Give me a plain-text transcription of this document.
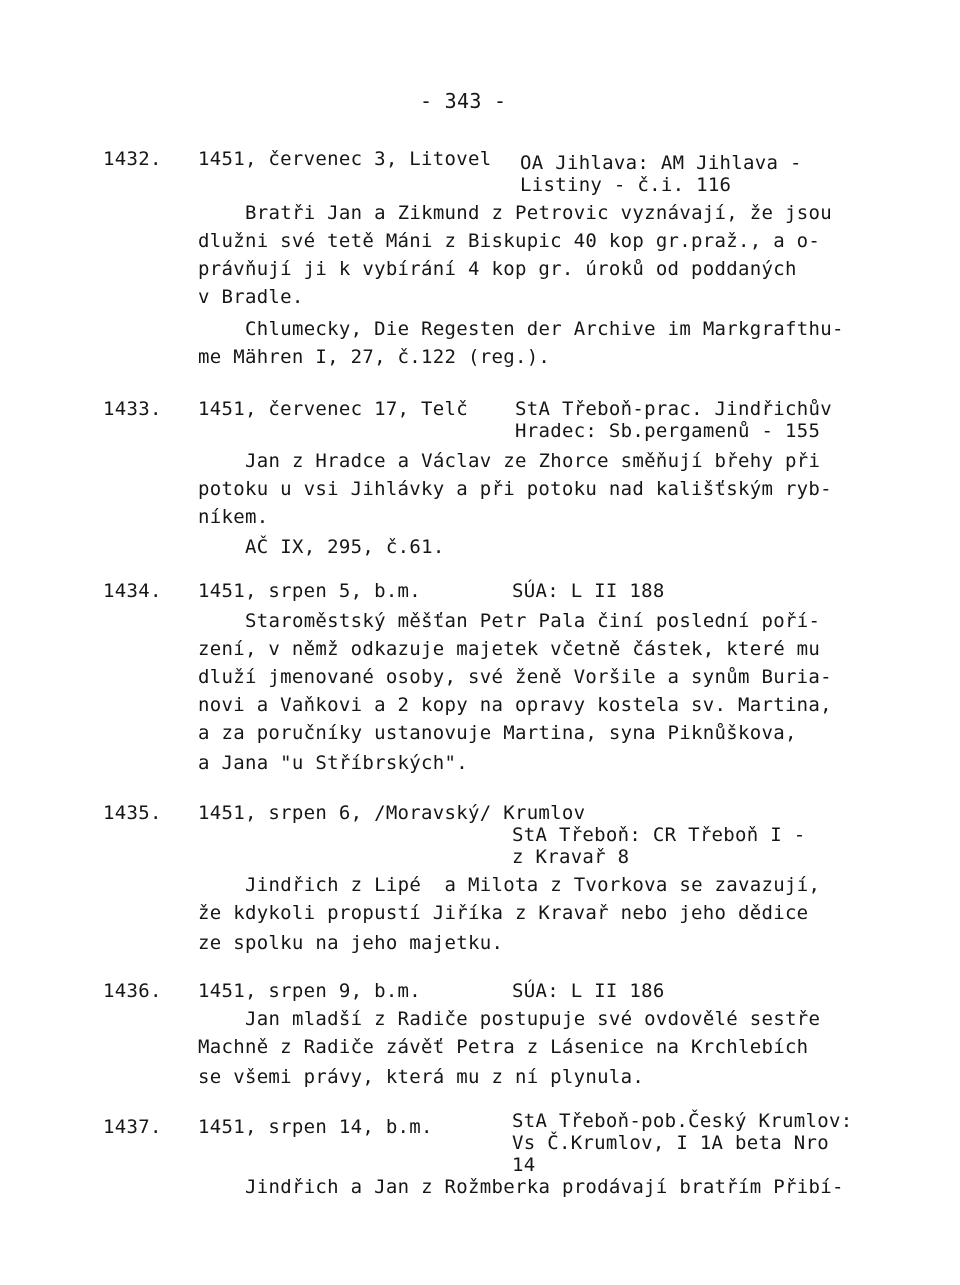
- 343 -
1432. 1451, červenec 3, Litovel OA Jihlava: AM Jihlava -
Listiny - č.i. 116
Bratři Jan a Zikmund z Petrovic vyznávají, že jsou
dlužni své tetě Máni z Biskupic 40 kop gr.praž., a o-
právňují ji k vybírání 4 kop gr. úroků od poddaných
v Bradle.
Chlumecky, Die Regesten der Archive im Markgrafthu-
me Mähren I, 27, č.122 (reg.).
1433. 1451, červenec 17, Telč StA Třeboň-prac. Jindřichův
Hradec: Sb.pergamenů - 155
Jan z Hradce a Václav ze Zhorce směňují břehy při
potoku u vsi Jihlávky a při potoku nad kališťským ryb-
níkem.
AČ IX, 295, č.61.
1434. 1451, srpen 5, b.m.	SÚA: L II 188
Staroměstský měšťan Petr Pala činí poslední poří-
zení, v němž odkazuje majetek včetně částek, které mu
dluží jmenované osoby, své ženě Voršile a synům Buria-
novi a Vaňkovi a 2 kopy na opravy kostela sv. Martina,
a za poručníky ustanovuje Martina, syna Piknůškova,
a Jana "u Stříbrských".
1435. 1451, srpen 6, /Moravský/ Krumlov
StA Třeboň: CR Třeboň I -
z Kravař 8
Jindřich z Lipé  a Milota z Tvorkova se zavazují,
že kdykoli propustí Jiříka z Kravař nebo jeho dědice
ze spolku na jeho majetku.
1436. 1451, srpen 9, b.m.	SÚA: L II 186
Jan mladší z Radiče postupuje své ovdovělé sestře
Machně z Radiče závěť Petra z Lásenice na Krchlebích
se všemi právy, která mu z ní plynula.
1437. 1451, srpen 14, b.m.	StA Třeboň-pob.Český Krumlov:
Vs Č.Krumlov, I 1A beta Nro
14
Jindřich a Jan z Rožmberka prodávají bratřím Přibí-
